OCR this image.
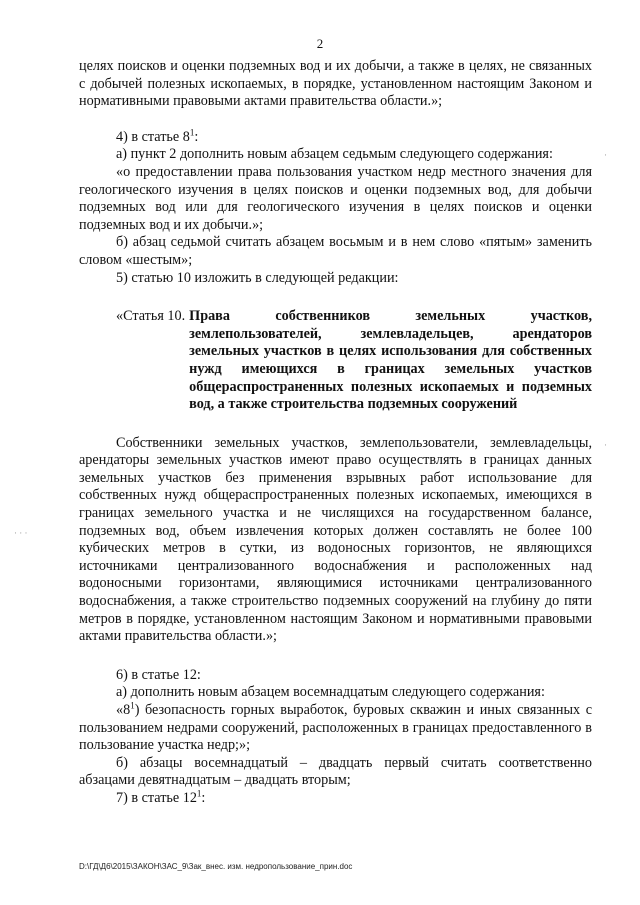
2

целях поисков и оценки подземных вод и их добычи, а также в целях, не связанных с добычей полезных ископаемых, в порядке, установленном настоящим Законом и нормативными правовыми актами правительства области.»;

4) в статье $8^1$:

а) пункт 2 дополнить новым абзацем седьмым следующего содержания:

«о предоставлении права пользования участком недр местного значения для геологического изучения в целях поисков и оценки подземных вод, для добычи подземных вод или для геологического изучения в целях поисков и оценки подземных вод и их добычи.»;

б) абзац седьмой считать абзацем восьмым и в нем слово «пятым» заменить словом «шестым»;

5) статью 10 изложить в следующей редакции:

«Статья 10. Права собственников земельных участков, землепользователей, землевладельцев, арендаторов земельных участков в целях использования для собственных нужд имеющихся в границах земельных участков общераспространенных полезных ископаемых и подземных вод, а также строительства подземных сооружений

Собственники земельных участков, землепользователи, землевладельцы, арендаторы земельных участков имеют право осуществлять в границах данных земельных участков без применения взрывных работ использование для собственных нужд общераспространенных полезных ископаемых, имеющихся в границах земельного участка и не числящихся на государственном балансе, подземных вод, объем извлечения которых должен составлять не более 100 кубических метров в сутки, из водоносных горизонтов, не являющихся источниками централизованного водоснабжения и расположенных над водоносными горизонтами, являющимися источниками централизованного водоснабжения, а также строительство подземных сооружений на глубину до пяти метров в порядке, установленном настоящим Законом и нормативными правовыми актами правительства области.»;

6) в статье 12:

а) дополнить новым абзацем восемнадцатым следующего содержания:

«$8^1$) безопасность горных выработок, буровых скважин и иных связанных с пользованием недрами сооружений, расположенных в границах предоставленного в пользование участка недр;»;

б) абзацы восемнадцатый – двадцать первый считать соответственно абзацами девятнадцатым – двадцать вторым;

7) в статье $12^1$:

D:\ГД\Д6\2015\ЗАКОН\ЗАС_9\Зак_внес. изм. недропользование_прин.doc
· · ·
·
·
